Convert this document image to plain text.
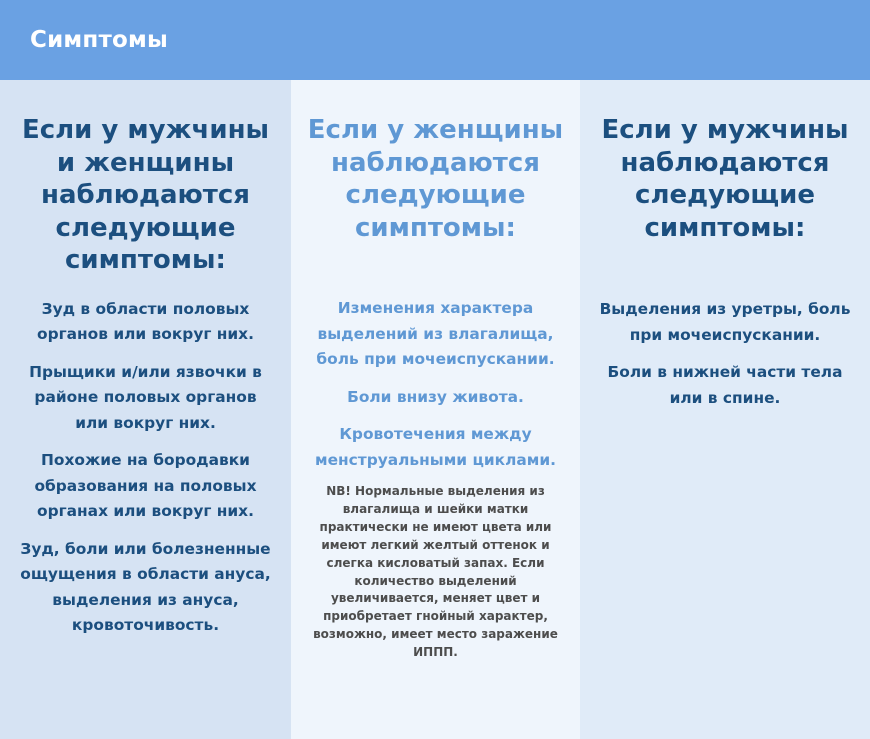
Симптомы
Если у мужчины и женщины наблюдаются следующие симптомы:

Зуд в области половых органов или вокруг них.

Прыщики и/или язвочки в районе половых органов или вокруг них.

Похожие на бородавки образования на половых органах или вокруг них.

Зуд, боли или болезненные ощущения в области ануса, выделения из ануса, кровоточивость.

Если у женщины наблюдаются следующие симптомы:

Изменения характера выделений из влагалища, боль при мочеиспускании.

Боли внизу живота.

Кровотечения между менструальными циклами.

NB! Нормальные выделения из влагалища и шейки матки практически не имеют цвета или имеют легкий желтый оттенок и слегка кисловатый запах. Если количество выделений увеличивается, меняет цвет и приобретает гнойный характер, возможно, имеет место заражение ИППП.

Если у мужчины наблюдаются следующие симптомы:

Выделения из уретры, боль при мочеиспускании.

Боли в нижней части тела или в спине.
